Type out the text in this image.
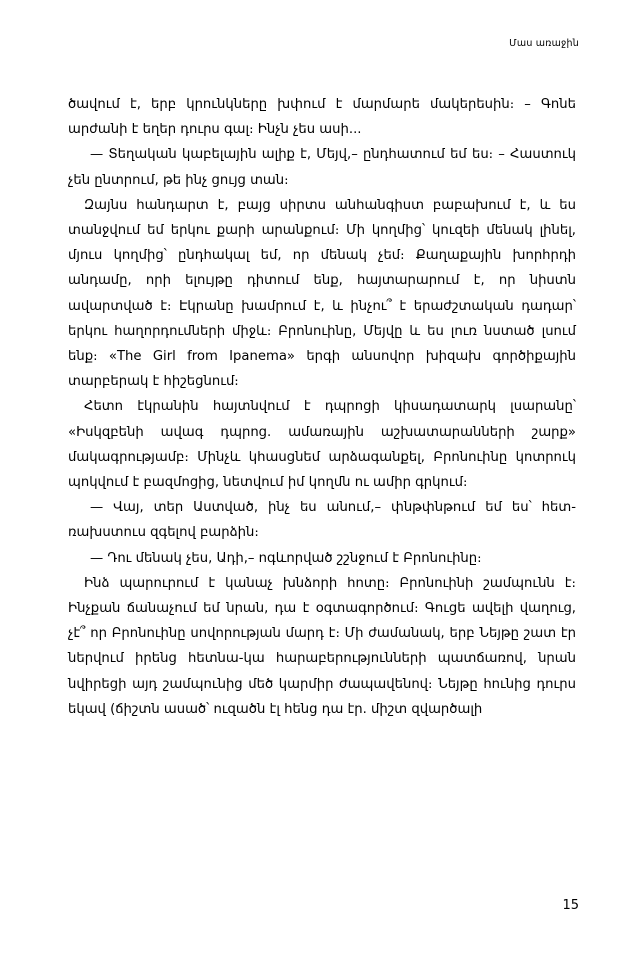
Մաս առաջին

ծավում է, երբ կրունկները խփում է մարմարե մակերեսին։ – Գոնե արժանի է եղեր դուրս գալ։ Ինչն չես ասի...

— Տեղական կաբելային ալիք է, Մեյվ,– ընդհատում եմ ես։ – Հաստուկ չեն ընտրում, թե ինչ ցույց տան։

Զայնս հանդարտ է, բայց սիրտս անհանգիստ բաբախում է, և ես տանջվում եմ երկու քարի արանքում։ Մի կողմից՝ կուզեի մենակ լինել, մյուս կողմից՝ ընդհակալ եմ, որ մենակ չեմ։ Քաղաքային խորհրդի անդամը, որի ելույթը դիտում ենք, հայտարարում է, որ նիստն ավարտված է։ Էկրանը խամրում է, և ինչու՞ է երաժշտական դադար՝ երկու հաղորդումների միջև։ Բրոնուինը, Մեյվը և ես լուռ նստած լսում ենք։ «The Girl from Ipanema» երգի անսովոր խիզախ գործիքային տարբերակ է հիշեցնում։

Հետո էկրանին հայտնվում է դպրոցի կիսադատարկ լսարանը՝ «Իսկզբենի ավագ դպրոց. ամառային աշխատարանների շարք» մակագրությամբ։ Մինչև կհասցնեմ արձագանքել, Բրոնուինը կոտրուկ պոկվում է բազմոցից, նետվում իմ կողմն ու ամիր գրկում։

— Վայ, տեր Աստված, ինչ ես անում,– փնթփնթում եմ ես՝ հետ-ռախստուս զգելով բարձին։

— Դու մենակ չես, Ադի,– ոգևորված շշնջում է Բրոնուինը։

Ինձ պարուրում է կանաչ խնձորի հոտը։ Բրոնուինի շամպունն է։ Ինչքան ճանաչում եմ նրան, դա է օգտագործում։ Գուցե ավելի վաղուց, չէ՞ որ Բրոնուինը սովորության մարդ է։ Մի ժամանակ, երբ Նեյթը շատ էր ներվում իրենց հետնա-կա հարաբերությունների պատճառով, նրան նվիրեցի այդ շամպունից մեծ կարմիր ժապավենով։ Նեյթը հունից դուրս եկավ (ճիշտն ասած՝ ուզածն էլ հենց դա էր. միշտ զվարծալի

15
